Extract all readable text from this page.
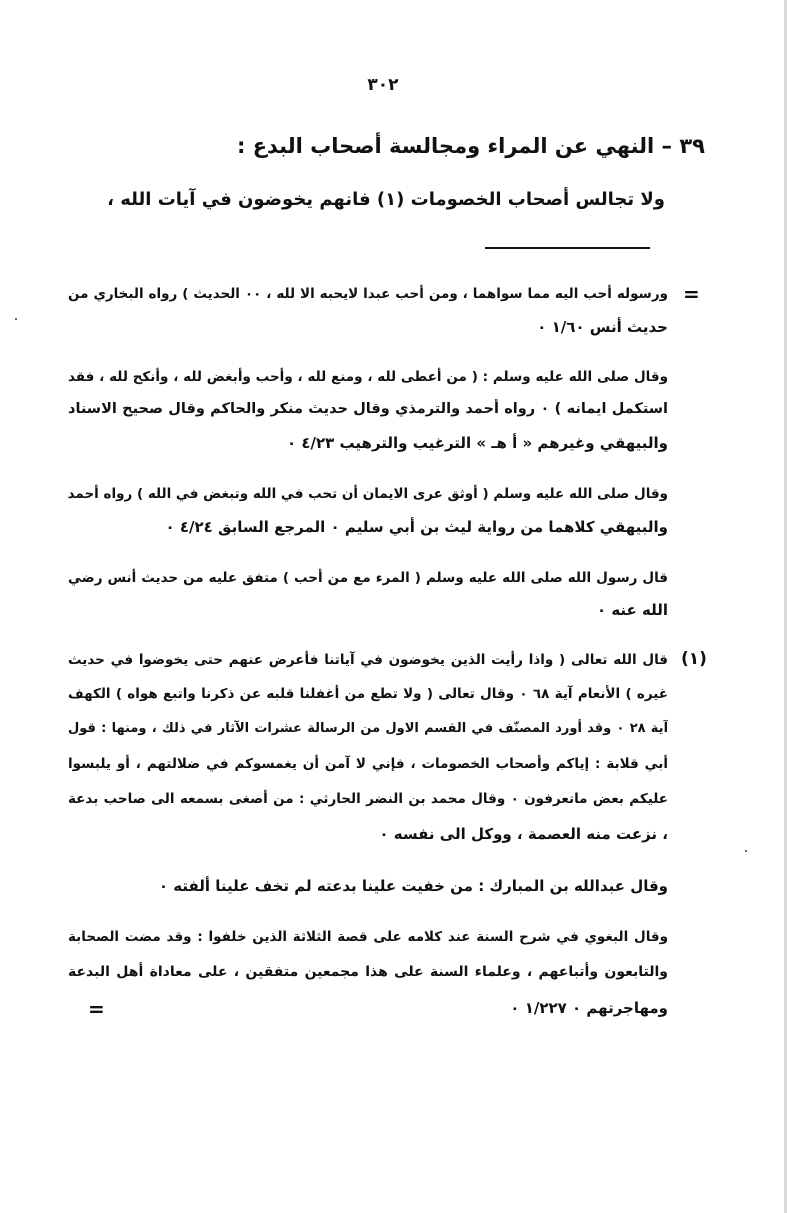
٣٠٢
٣٩ – النهي عن المراء ومجالسة أصحاب البدع :
ولا تجالس أصحاب الخصومات (١) فانهم يخوضون في آيات الله ،
=
ورسوله أحب اليه مما سواهما ، ومن أحب عبدا لايحبه الا لله ، ٠٠ الحديث ) رواه البخاري من
حديث أنس ١/٦٠ ٠
وقال صلى الله عليه وسلم : ( من أعطى لله ، ومنع لله ، وأحب وأبغض لله ، وأنكح لله ، فقد
استكمل ايمانه ) ٠ رواه أحمد والترمذي وقال حديث منكر والحاكم وقال صحيح الاسناد
والبيهقي وغيرهم « أ هـ » الترغيب والترهيب ٤/٢٣ ٠
وقال صلى الله عليه وسلم ( أوثق عرى الايمان أن تحب في الله وتبغض في الله ) رواه أحمد
والبيهقي كلاهما من رواية ليث بن أبي سليم ٠ المرجع السابق ٤/٢٤ ٠
قال رسول الله صلى الله عليه وسلم ( المرء مع من أحب ) متفق عليه من حديث أنس رضي
الله عنه ٠
(١)
قال الله تعالى ( واذا رأيت الذين يخوضون في آياتنا فأعرض عنهم حتى يخوضوا في حديث
غيره ) الأنعام آية ٦٨ ٠ وقال تعالى ( ولا تطع من أغفلنا قلبه عن ذكرنا واتبع هواه ) الكهف
آية ٢٨ ٠ وقد أورد المصنّف في القسم الاول من الرسالة عشرات الآثار في ذلك ، ومنها : قول
أبي قلابة : إياكم وأصحاب الخصومات ، فإني لا آمن أن يغمسوكم في ضلالتهم ، أو يلبسوا
عليكم بعض ماتعرفون ٠ وقال محمد بن النضر الحارثي : من أصغى بسمعه الى صاحب بدعة
، نزعت منه العصمة ، ووكل الى نفسه ٠
وقال عبدالله بن المبارك : من خفيت علينا بدعته لم تخف علينا ألفته ٠
وقال البغوي في شرح السنة عند كلامه على قصة الثلاثة الذين خلفوا : وقد مضت الصحابة
والتابعون وأتباعهم ، وعلماء السنة على هذا مجمعين متفقين ، على معاداة أهل البدعة
ومهاجرتهم ٠ ١/٢٢٧ ٠
=
